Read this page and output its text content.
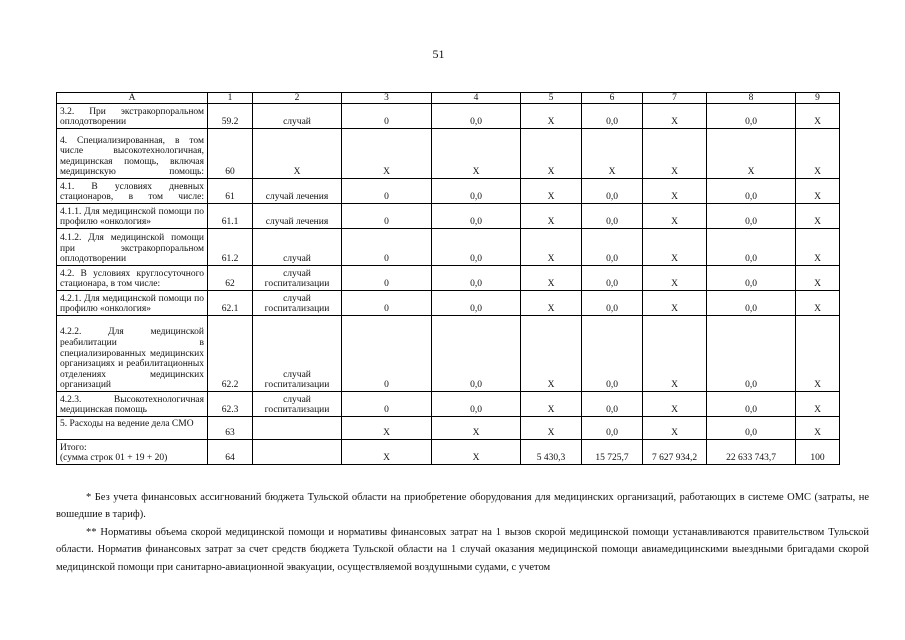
51
А	1	2	3	4	5	6	7	8	9
3.2. При экстракорпоральном оплодотворении	59.2	случай	0	0,0	X	0,0	X	0,0	X
4. Специализированная, в том числе высокотехнологичная, медицинская помощь, включая медицинскую помощь:	60	X	X	X	X	X	X	X	X
4.1. В условиях дневных стационаров, в том числе:	61	случай лечения	0	0,0	X	0,0	X	0,0	X
4.1.1. Для медицинской помощи по профилю «онкология»	61.1	случай лечения	0	0,0	X	0,0	X	0,0	X
4.1.2. Для медицинской помощи при экстракорпоральном оплодотворении	61.2	случай	0	0,0	X	0,0	X	0,0	X
4.2. В условиях круглосуточного стационара, в том числе:	62	случай госпитализации	0	0,0	X	0,0	X	0,0	X
4.2.1. Для медицинской помощи по профилю «онкология»	62.1	случай госпитализации	0	0,0	X	0,0	X	0,0	X
4.2.2. Для медицинской реабилитации в специализированных медицинских организациях и реабилитационных отделениях медицинских организаций	62.2	случай госпитализации	0	0,0	X	0,0	X	0,0	X
4.2.3. Высокотехнологичная медицинская помощь	62.3	случай госпитализации	0	0,0	X	0,0	X	0,0	X
5. Расходы на ведение дела СМО	63		X	X	X	0,0	X	0,0	X

Итого:
(сумма строк 01 + 19 + 20)	64		X	X	5 430,3	15 725,7	7 627 934,2	22 633 743,7	100

* Без учета финансовых ассигнований бюджета Тульской области на приобретение оборудования для медицинских организаций, работающих в системе ОМС (затраты, не вошедшие в тариф).

** Нормативы объема скорой медицинской помощи и нормативы финансовых затрат на 1 вызов скорой медицинской помощи устанавливаются правительством Тульской области. Норматив финансовых затрат за счет средств бюджета Тульской области на 1 случай оказания медицинской помощи авиамедицинскими выездными бригадами скорой медицинской помощи при санитарно-авиационной эвакуации, осуществляемой воздушными судами, с учетом
